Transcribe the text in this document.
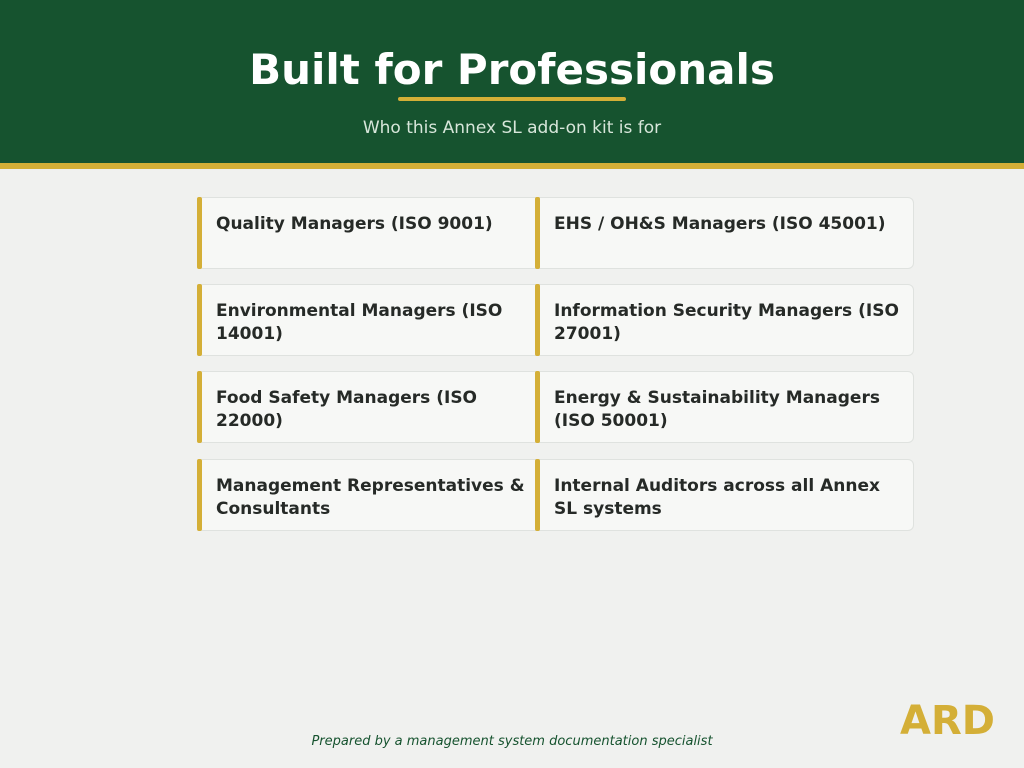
Built for Professionals
Who this Annex SL add-on kit is for
Quality Managers (ISO 9001)	EHS / OH&S Managers (ISO 45001)
Environmental Managers (ISO 14001)
Information Security Managers (ISO 27001)
Food Safety Managers (ISO 22000)
Energy & Sustainability Managers (ISO 50001)
Management Representatives & Consultants
Internal Auditors across all Annex SL systems
Prepared by a management system documentation specialist	ARD
